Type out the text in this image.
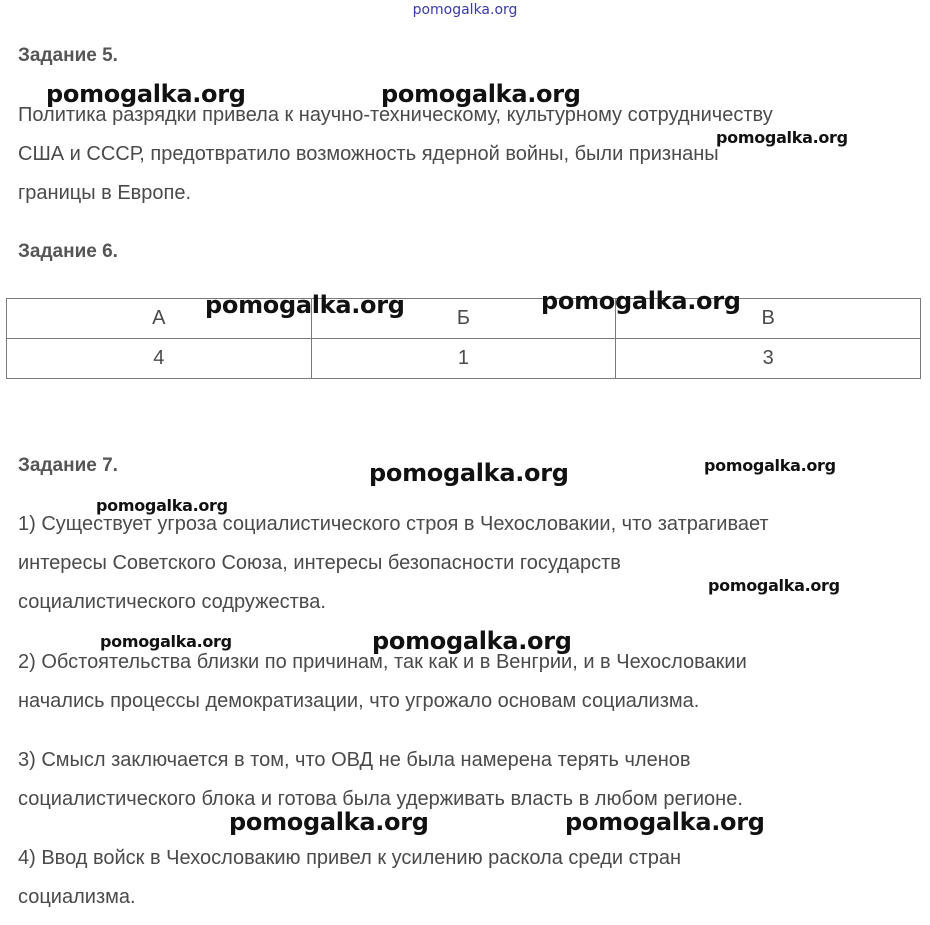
pomogalka.org
Задание 5.
Политика разрядки привела к научно-техническому, культурному сотрудничеству
США и СССР, предотвратило возможность ядерной войны, были признаны
границы в Европе.
Задание 6.
А	Б	В
4	1	3
Задание 7.
1) Существует угроза социалистического строя в Чехословакии, что затрагивает
интересы Советского Союза, интересы безопасности государств
социалистического содружества.
2) Обстоятельства близки по причинам, так как и в Венгрии, и в Чехословакии
начались процессы демократизации, что угрожало основам социализма.
3) Смысл заключается в том, что ОВД не была намерена терять членов
социалистического блока и готова была удерживать власть в любом регионе.
4) Ввод войск в Чехословакию привел к усилению раскола среди стран
социализма.
pomogalka.org	pomogalka.org
pomogalka.org
pomogalka.org	pomogalka.org
pomogalka.org	pomogalka.org
pomogalka.org
pomogalka.org
pomogalka.org	pomogalka.org
pomogalka.org	pomogalka.org
